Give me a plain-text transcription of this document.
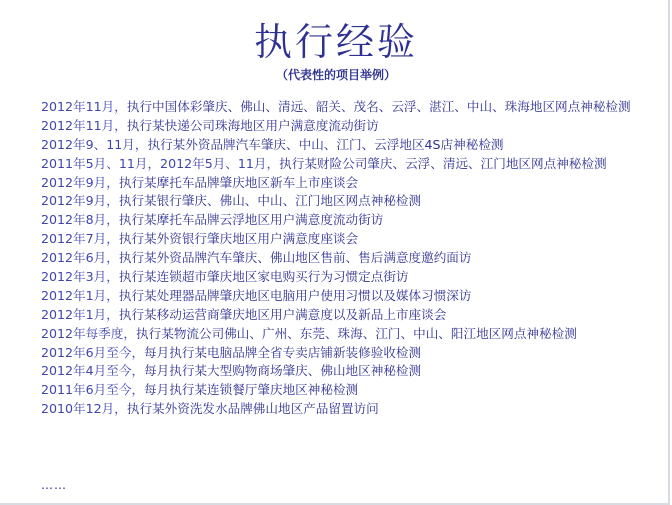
执行经验

（代表性的项目举例）

2012年11月，执行中国体彩肇庆、佛山、清远、韶关、茂名、云浮、湛江、中山、珠海地区网点神秘检测
2012年11月，执行某快递公司珠海地区用户满意度流动街访
2012年9、11月，执行某外资品牌汽车肇庆、中山、江门、云浮地区4S店神秘检测
2011年5月、11月，2012年5月、11月，执行某财险公司肇庆、云浮、清远、江门地区网点神秘检测
2012年9月，执行某摩托车品牌肇庆地区新车上市座谈会
2012年9月，执行某银行肇庆、佛山、中山、江门地区网点神秘检测
2012年8月，执行某摩托车品牌云浮地区用户满意度流动街访
2012年7月，执行某外资银行肇庆地区用户满意度座谈会
2012年6月，执行某外资品牌汽车肇庆、佛山地区售前、售后满意度邀约面访
2012年3月，执行某连锁超市肇庆地区家电购买行为习惯定点街访
2012年1月，执行某处理器品牌肇庆地区电脑用户使用习惯以及媒体习惯深访
2012年1月，执行某移动运营商肇庆地区用户满意度以及新品上市座谈会
2012年每季度，执行某物流公司佛山、广州、东莞、珠海、江门、中山、阳江地区网点神秘检测
2012年6月至今，每月执行某电脑品牌全省专卖店铺新装修验收检测
2012年4月至今，每月执行某大型购物商场肇庆、佛山地区神秘检测
2011年6月至今，每月执行某连锁餐厅肇庆地区神秘检测
2010年12月，执行某外资洗发水品牌佛山地区产品留置访问
……
